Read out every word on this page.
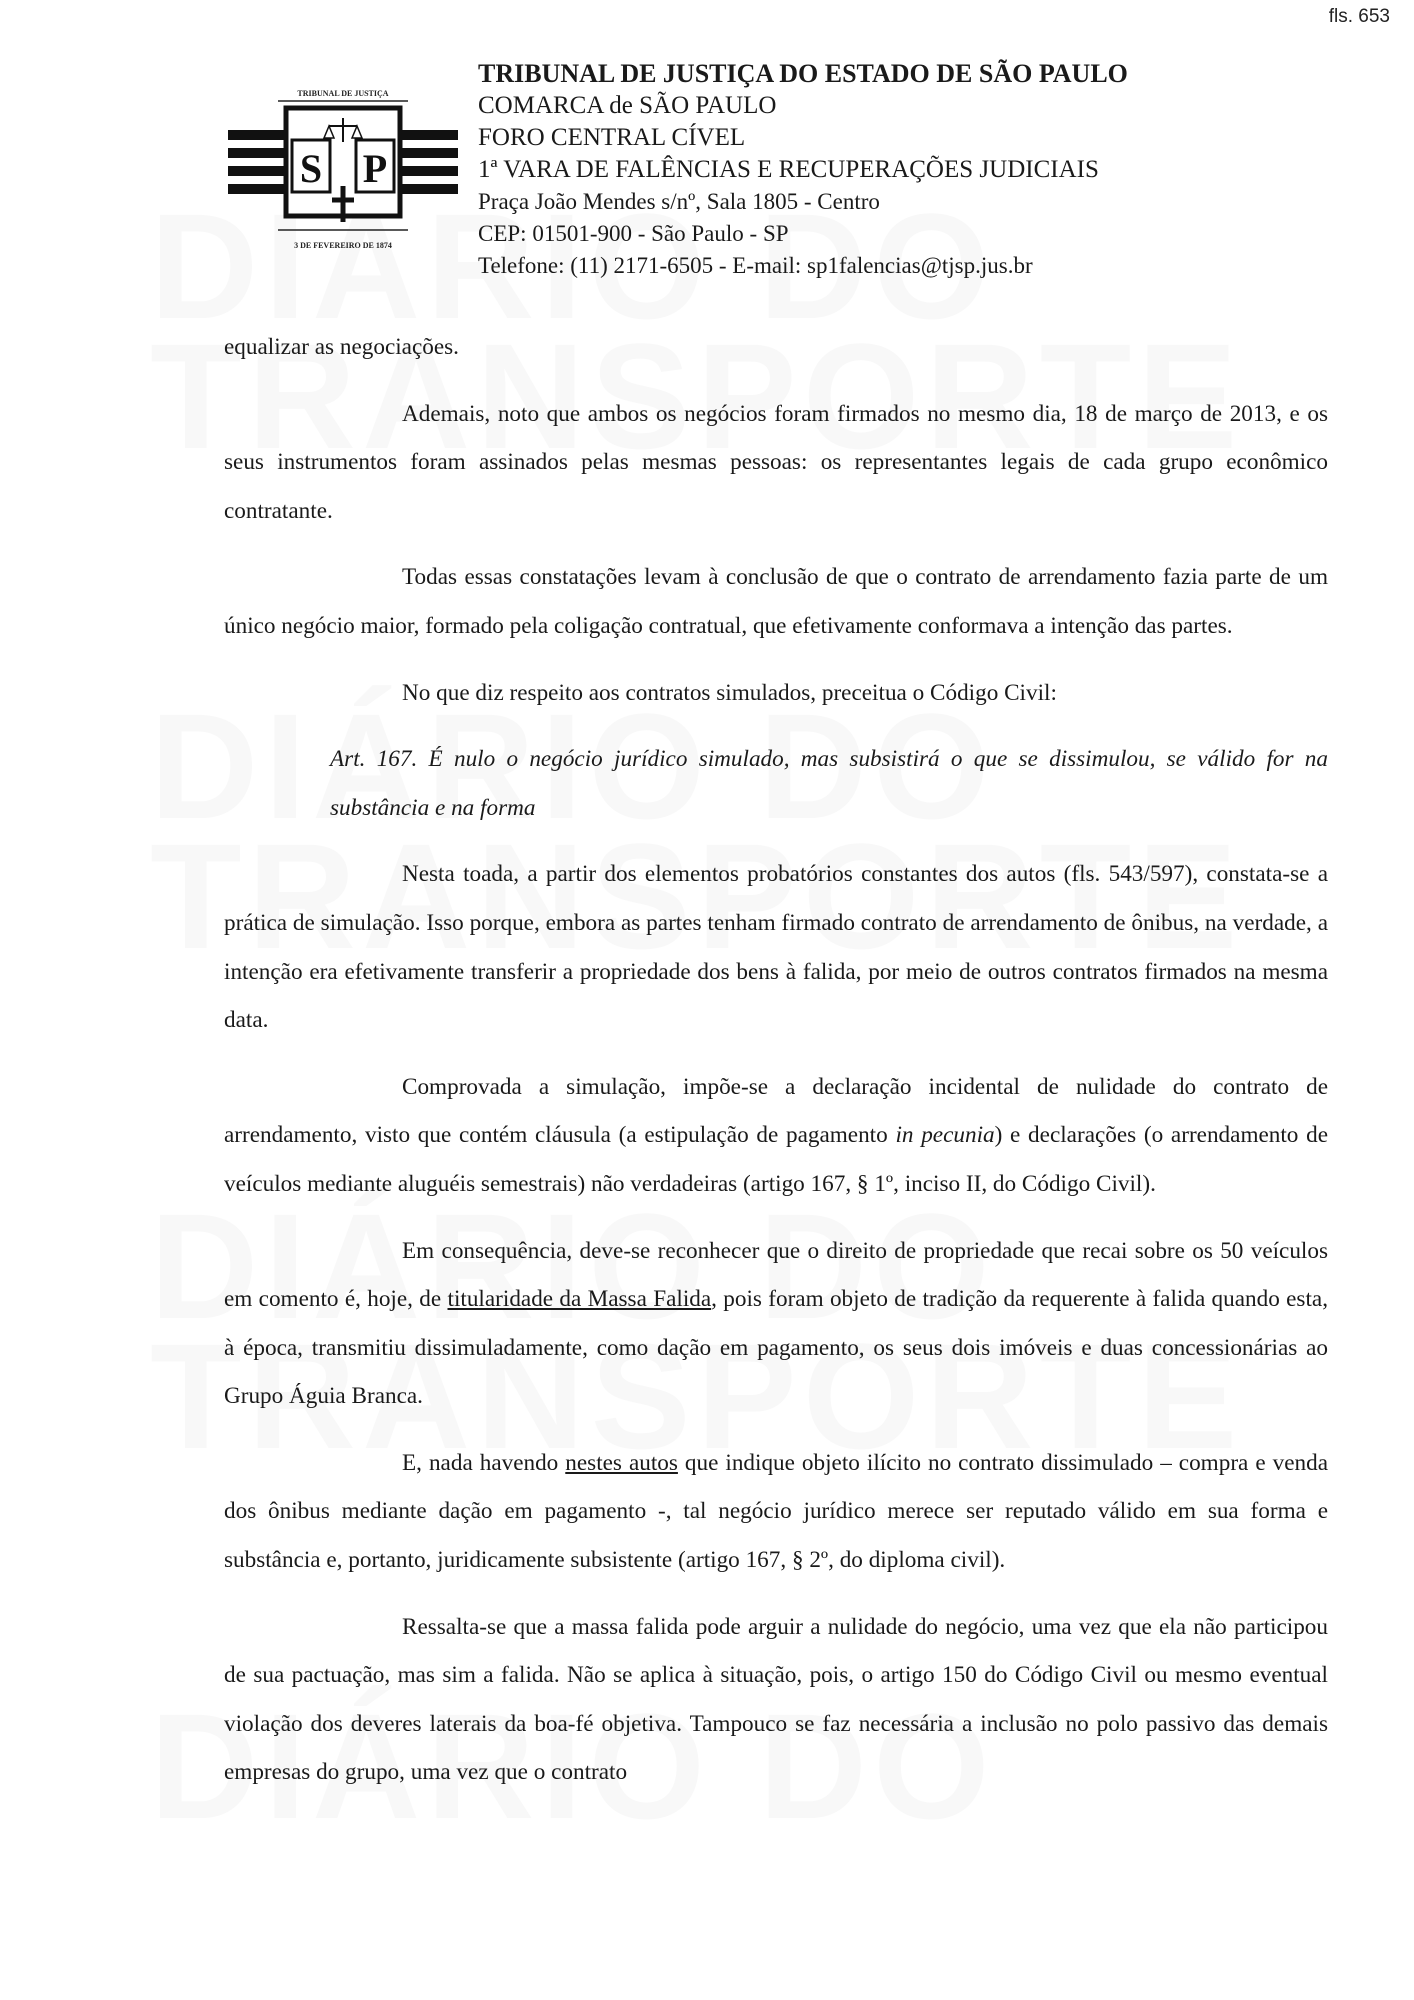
fls. 653
TRIBUNAL DE JUSTIÇA
S P
3 DE FEVEREIRO DE 1874
TRIBUNAL DE JUSTIÇA DO ESTADO DE SÃO PAULO
COMARCA de SÃO PAULO
FORO CENTRAL CÍVEL
1ª VARA DE FALÊNCIAS E RECUPERAÇÕES JUDICIAIS
Praça João Mendes s/nº, Sala 1805 - Centro
CEP: 01501-900 - São Paulo - SP
Telefone: (11) 2171-6505 - E-mail: sp1falencias@tjsp.jus.br

equalizar as negociações.

Ademais, noto que ambos os negócios foram firmados no mesmo dia, 18 de março de 2013, e os seus instrumentos foram assinados pelas mesmas pessoas: os representantes legais de cada grupo econômico contratante.

Todas essas constatações levam à conclusão de que o contrato de arrendamento fazia parte de um único negócio maior, formado pela coligação contratual, que efetivamente conformava a intenção das partes.

No que diz respeito aos contratos simulados, preceitua o Código Civil:

Art. 167. É nulo o negócio jurídico simulado, mas subsistirá o que se dissimulou, se válido for na substância e na forma

Nesta toada, a partir dos elementos probatórios constantes dos autos (fls. 543/597), constata-se a prática de simulação. Isso porque, embora as partes tenham firmado contrato de arrendamento de ônibus, na verdade, a intenção era efetivamente transferir a propriedade dos bens à falida, por meio de outros contratos firmados na mesma data.

Comprovada a simulação, impõe-se a declaração incidental de nulidade do contrato de arrendamento, visto que contém cláusula (a estipulação de pagamento in pecunia) e declarações (o arrendamento de veículos mediante aluguéis semestrais) não verdadeiras (artigo 167, § 1º, inciso II, do Código Civil).

Em consequência, deve-se reconhecer que o direito de propriedade que recai sobre os 50 veículos em comento é, hoje, de titularidade da Massa Falida, pois foram objeto de tradição da requerente à falida quando esta, à época, transmitiu dissimuladamente, como dação em pagamento, os seus dois imóveis e duas concessionárias ao Grupo Águia Branca.

E, nada havendo nestes autos que indique objeto ilícito no contrato dissimulado – compra e venda dos ônibus mediante dação em pagamento -, tal negócio jurídico merece ser reputado válido em sua forma e substância e, portanto, juridicamente subsistente (artigo 167, § 2º, do diploma civil).

Ressalta-se que a massa falida pode arguir a nulidade do negócio, uma vez que ela não participou de sua pactuação, mas sim a falida. Não se aplica à situação, pois, o artigo 150 do Código Civil ou mesmo eventual violação dos deveres laterais da boa-fé objetiva. Tampouco se faz necessária a inclusão no polo passivo das demais empresas do grupo, uma vez que o contrato
